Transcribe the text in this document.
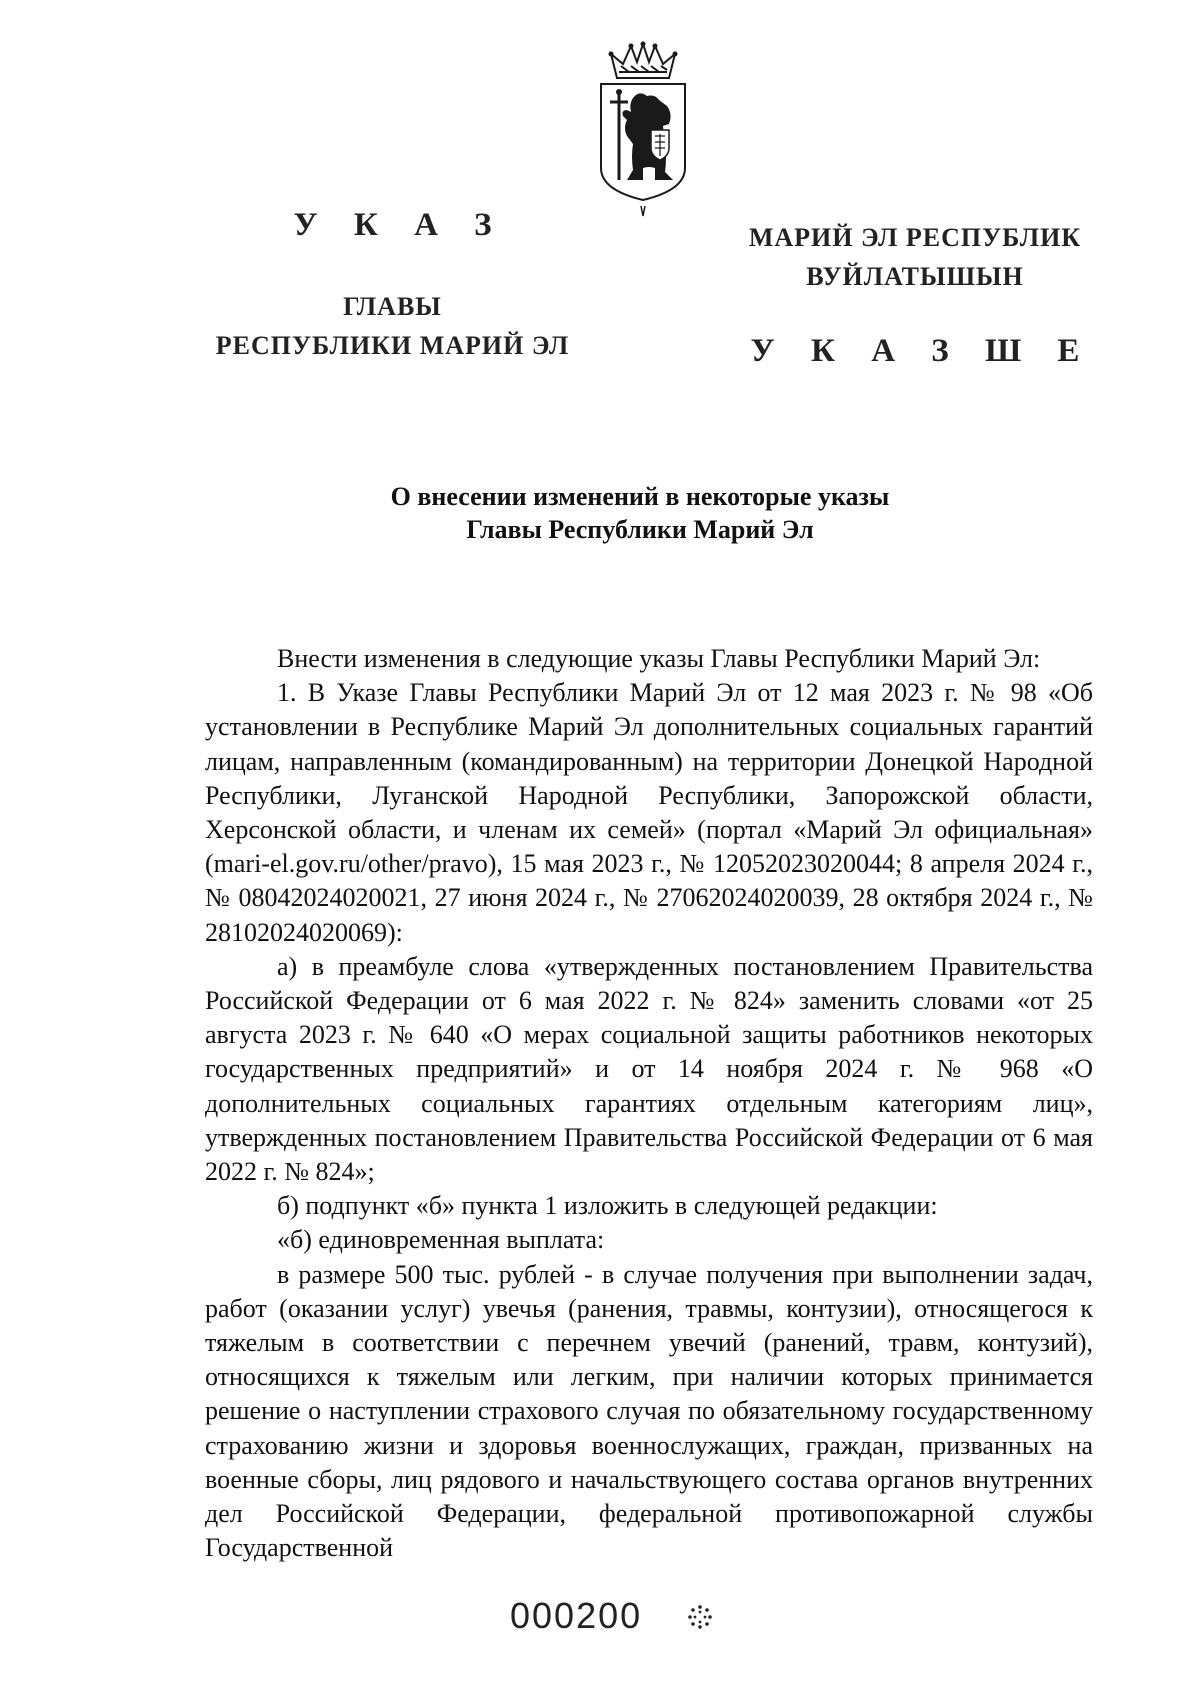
У К А З
ГЛАВЫ
РЕСПУБЛИКИ МАРИЙ ЭЛ
МАРИЙ ЭЛ РЕСПУБЛИК
ВУЙЛАТЫШЫН
У К А З Ш Е
О внесении изменений в некоторые указы
Главы Республики Марий Эл

Внести изменения в следующие указы Главы Республики Марий Эл:

1. В Указе Главы Республики Марий Эл от 12 мая 2023 г. № 98 «Об установлении в Республике Марий Эл дополнительных социальных гарантий лицам, направленным (командированным) на территории Донецкой Народной Республики, Луганской Народной Республики, Запорожской области, Херсонской области, и членам их семей» (портал «Марий Эл официальная» (mari-el.gov.ru/other/pravo), 15 мая 2023 г., № 12052023020044; 8 апреля 2024 г., № 08042024020021, 27 июня 2024 г., № 27062024020039, 28 октября 2024 г., № 28102024020069):

а) в преамбуле слова «утвержденных постановлением Правительства Российской Федерации от 6 мая 2022 г. № 824» заменить словами «от 25 августа 2023 г. № 640 «О мерах социальной защиты работников некоторых государственных предприятий» и от 14 ноября 2024 г. № 968 «О дополнительных социальных гарантиях отдельным категориям лиц», утвержденных постановлением Правительства Российской Федерации от 6 мая 2022 г. № 824»;

б) подпункт «б» пункта 1 изложить в следующей редакции:

«б) единовременная выплата:

в размере 500 тыс. рублей - в случае получения при выполнении задач, работ (оказании услуг) увечья (ранения, травмы, контузии), относящегося к тяжелым в соответствии с перечнем увечий (ранений, травм, контузий), относящихся к тяжелым или легким, при наличии которых принимается решение о наступлении страхового случая по обязательному государственному страхованию жизни и здоровья военнослужащих, граждан, призванных на военные сборы, лиц рядового и начальствующего состава органов внутренних дел Российской Федерации, федеральной противопожарной службы Государственной

000200
